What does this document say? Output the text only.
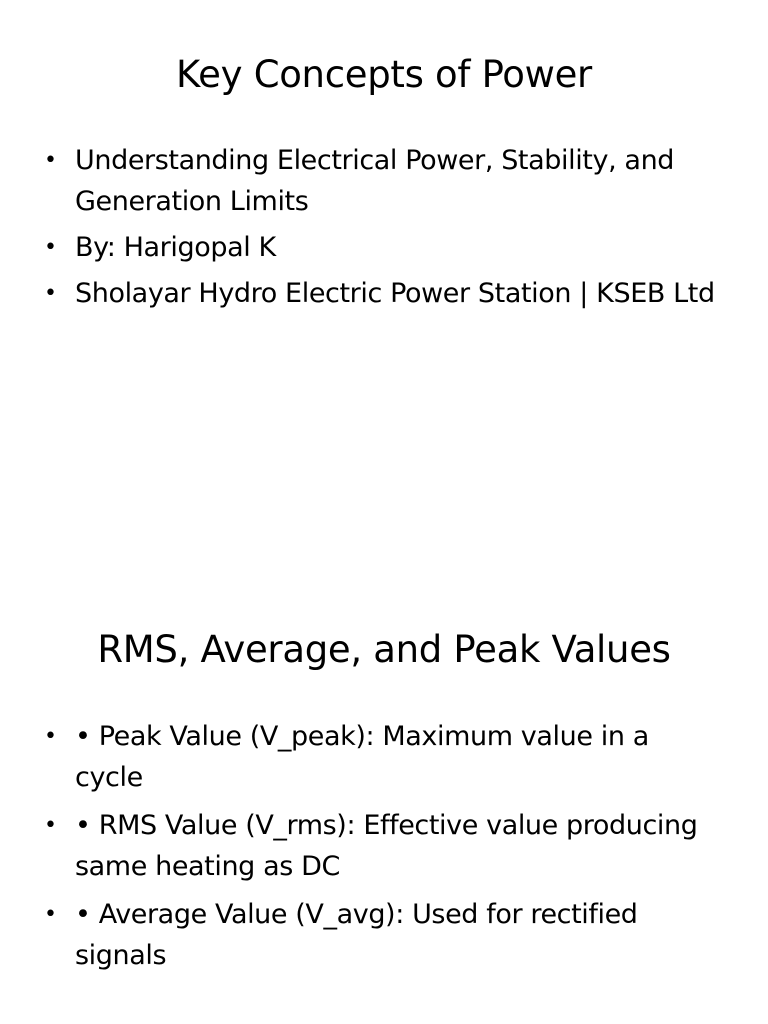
Key Concepts of Power
• Understanding Electrical Power, Stability, and Generation Limits
• By: Harigopal K
• Sholayar Hydro Electric Power Station | KSEB Ltd
RMS, Average, and Peak Values
• • Peak Value (V_peak): Maximum value in a cycle
• • RMS Value (V_rms): Effective value producing same heating as DC
• • Average Value (V_avg): Used for rectified signals
